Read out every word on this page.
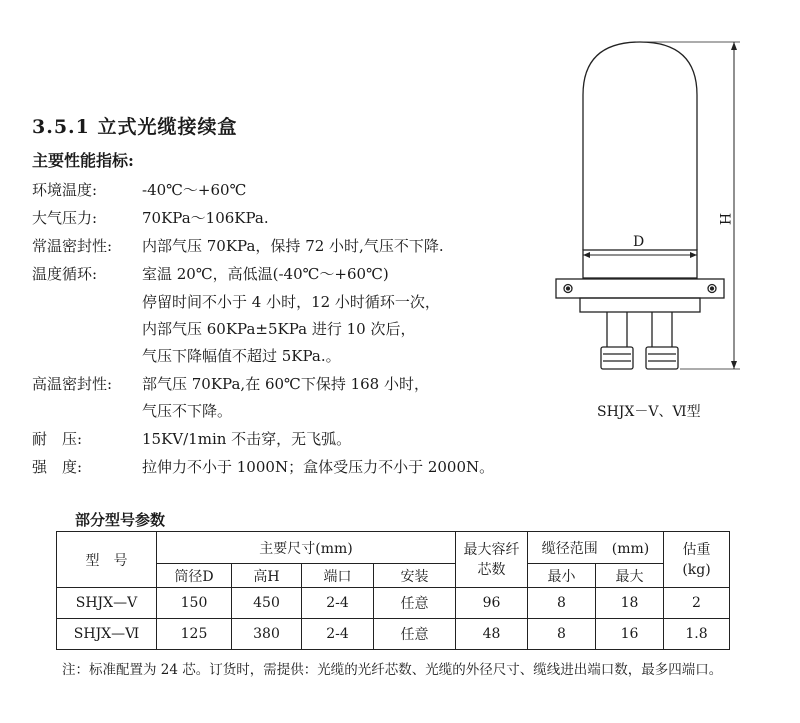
3.5.1 立式光缆接续盒
主要性能指标:
环境温度:	-40℃～+60℃
大气压力:	70KPa～106KPa.
常温密封性: 内部气压 70KPa，保持 72 小时,气压不下降.
温度循环:	室温 20℃，高低温(-40℃～+60℃)
停留时间不小于 4 小时，12 小时循环一次，
内部气压 60KPa±5KPa 进行 10 次后，
气压下降幅值不超过 5KPa.。
高温密封性: 部气压 70KPa,在 60℃下保持 168 小时，
气压不下降。
耐　压:	15KV/1min 不击穿，无飞弧。
强　度:	拉伸力不小于 1000N；盒体受压力不小于 2000N。
D
H
SHJX－Ⅴ、Ⅵ型
部分型号参数
型　号	主要尺寸(mm)				最大容纤芯数	缆径范围　(mm)		估重(kg)
	筒径D	高H	端口	安装		最小	最大	
SHJX—Ⅴ	150	450	2-4	任意	96	8	18	2
SHJX—Ⅵ	125	380	2-4	任意	48	8	16	1.8
注：标准配置为 24 芯。订货时，需提供：光缆的光纤芯数、光缆的外径尺寸、缆线进出端口数，最多四端口。
